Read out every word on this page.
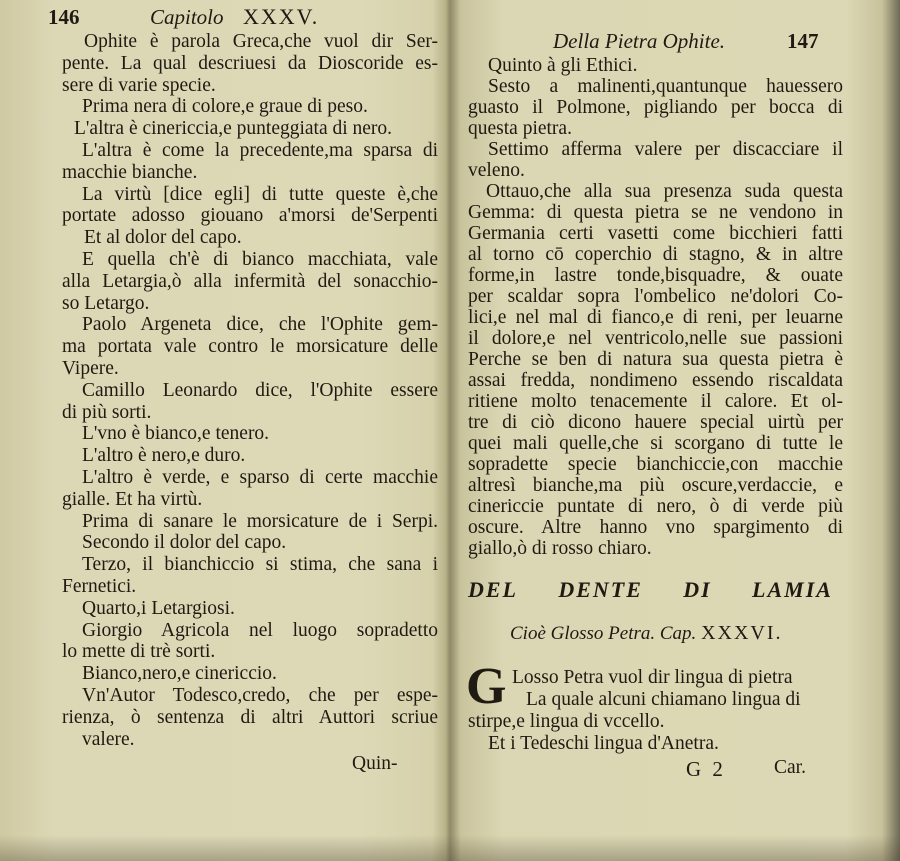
146	Capitolo XXXV.
Ophite è parola Greca,che vuol dir Ser-
pente. La qual descriuesi da Dioscoride es-
sere di varie specie.
Prima nera di colore,e graue di peso.
L'altra è cinericcia,e punteggiata di nero.
L'altra è come la precedente,ma sparsa di
macchie bianche.
La virtù [dice egli] di tutte queste è,che
portate adosso giouano a'morsi de'Serpenti
Et al dolor del capo.
E quella ch'è di bianco macchiata, vale
alla Letargia,ò alla infermità del sonacchio-
so Letargo.
Paolo Argeneta dice, che l'Ophite gem-
ma portata vale contro le morsicature delle
Vipere.
Camillo Leonardo dice, l'Ophite essere
di più sorti.
L'vno è bianco,e tenero.
L'altro è nero,e duro.
L'altro è verde, e sparso di certe macchie
gialle. Et ha virtù.
Prima di sanare le morsicature de i Serpi.
Secondo il dolor del capo.
Terzo, il bianchiccio si stima, che sana i
Fernetici.
Quarto,i Letargiosi.
Giorgio Agricola nel luogo sopradetto
lo mette di trè sorti.
Bianco,nero,e cinericcio.
Vn'Autor Todesco,credo, che per espe-
rienza, ò sentenza di altri Auttori scriue
valere.
Quin-
Della Pietra Ophite.	147
Quinto à gli Ethici.
Sesto a malinenti,quantunque hauessero
guasto il Polmone, pigliando per bocca di
questa pietra.
Settimo afferma valere per discacciare il
veleno.
Ottauo,che alla sua presenza suda questa
Gemma: di questa pietra se ne vendono in
Germania certi vasetti come bicchieri fatti
al torno cō coperchio di stagno, & in altre
forme,in lastre tonde,bisquadre, & ouate
per scaldar sopra l'ombelico ne'dolori Co-
lici,e nel mal di fianco,e di reni, per leuarne
il dolore,e nel ventricolo,nelle sue passioni
Perche se ben di natura sua questa pietra è
assai fredda, nondimeno essendo riscaldata
ritiene molto tenacemente il calore. Et ol-
tre di ciò dicono hauere special uirtù per
quei mali quelle,che si scorgano di tutte le
sopradette specie bianchiccie,con macchie
altresì bianche,ma più oscure,verdaccie, e
cinericcie puntate di nero, ò di verde più
oscure. Altre hanno vno spargimento di
giallo,ò di rosso chiaro.
DEL DENTE DI LAMIA
Cioè Glosso Petra. Cap. XXXVI.
G Losso Petra vuol dir lingua di pietra
La quale alcuni chiamano lingua di
stirpe,e lingua di vccello.
Et i Tedeschi lingua d'Anetra.
G 2 Car.
